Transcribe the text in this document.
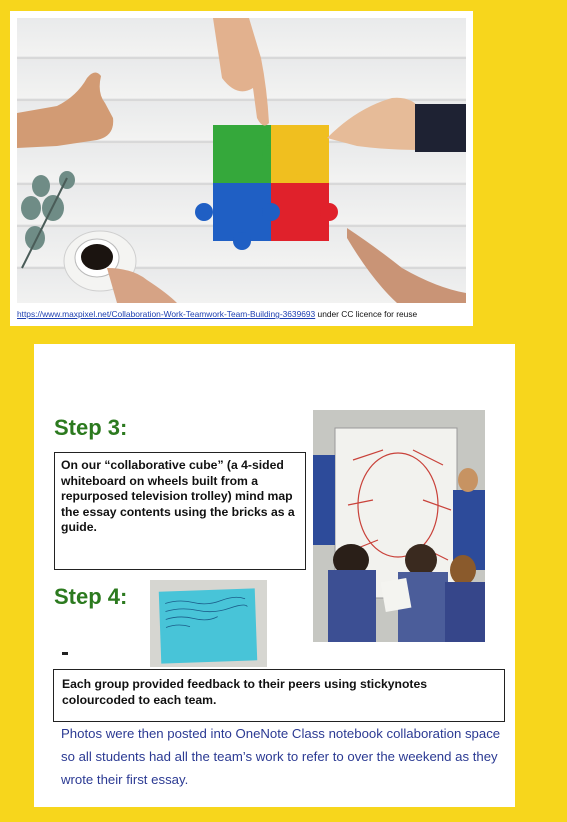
https://www.maxpixel.net/Collaboration-Work-Teamwork-Team-Building-3639693 under CC licence for reuse
Step 3:
On our “collaborative cube” (a 4-sided whiteboard on wheels built from a repurposed television trolley) mind map the essay contents using the bricks as a guide.
Step 4:
Each group provided feedback to their peers using stickynotes colourcoded to each team.
Photos were then posted into OneNote Class notebook collaboration space so all students had all the team’s work to refer to over the weekend as they wrote their first essay.
